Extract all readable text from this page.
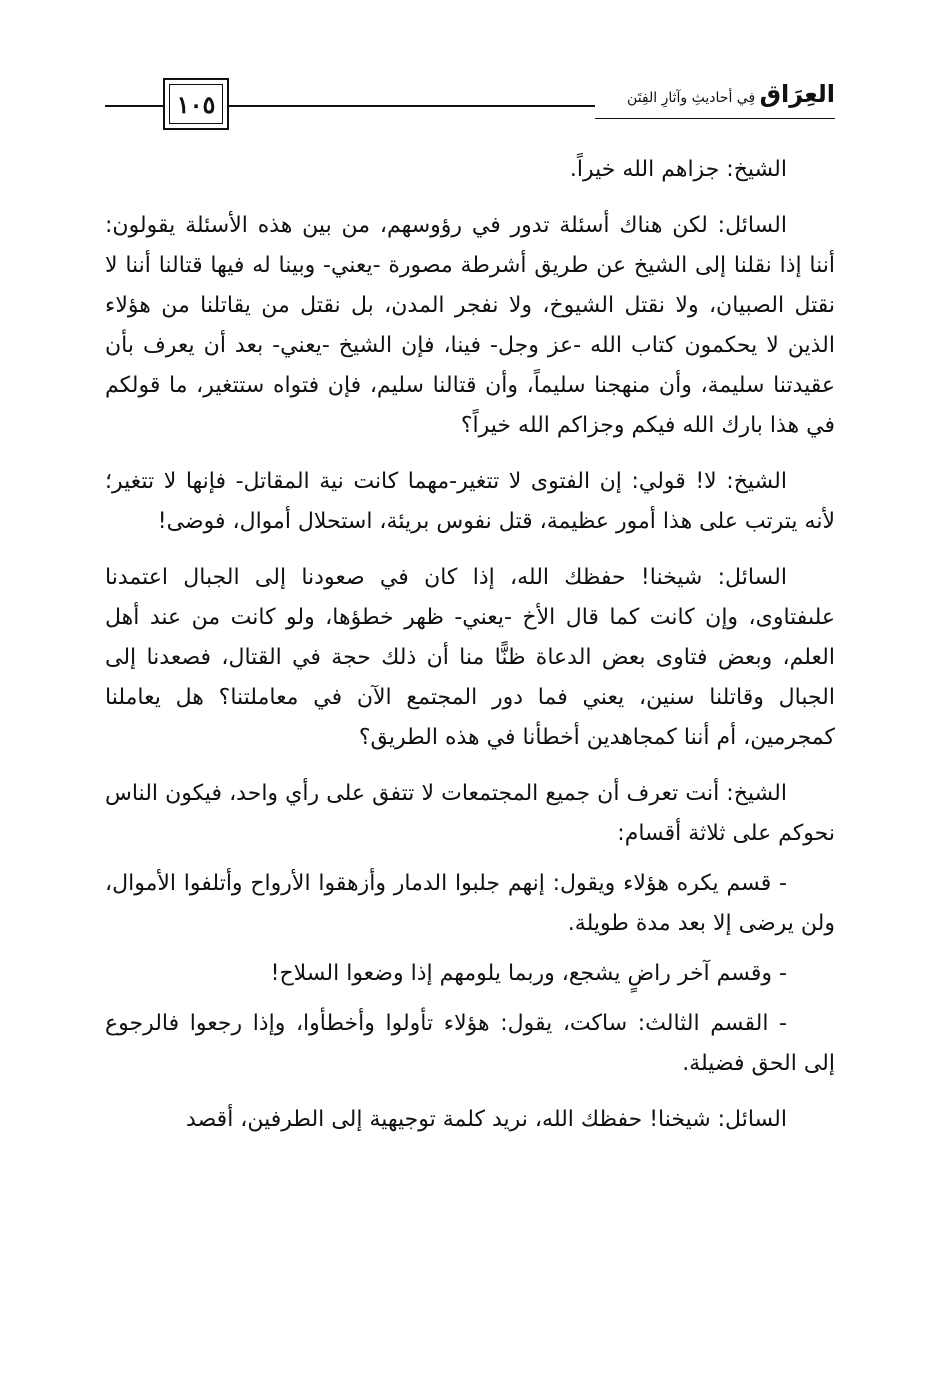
١٠٥	العِرَاق فِي أحاديثِ وآثارِ الفِتَن

الشيخ: جزاهم الله خيراً.

السائل: لكن هناك أسئلة تدور في رؤوسهم، من بين هذه الأسئلة يقولون: أننا إذا نقلنا إلى الشيخ عن طريق أشرطة مصورة -يعني- وبينا له فيها قتالنا أننا لا نقتل الصبيان، ولا نقتل الشيوخ، ولا نفجر المدن، بل نقتل من يقاتلنا من هؤلاء الذين لا يحكمون كتاب الله -عز وجل- فينا، فإن الشيخ -يعني- بعد أن يعرف بأن عقيدتنا سليمة، وأن منهجنا سليماً، وأن قتالنا سليم، فإن فتواه ستتغير، ما قولكم في هذا بارك الله فيكم وجزاكم الله خيراً؟

الشيخ: لا! قولي: إن الفتوى لا تتغير-مهما كانت نية المقاتل- فإنها لا تتغير؛ لأنه يترتب على هذا أمور عظيمة، قتل نفوس بريئة، استحلال أموال، فوضى!

السائل: شيخنا! حفظك الله، إذا كان في صعودنا إلى الجبال اعتمدنا علىفتاوى، وإن كانت كما قال الأخ -يعني- ظهر خطؤها، ولو كانت من عند أهل العلم، وبعض فتاوى بعض الدعاة ظنًّا منا أن ذلك حجة في القتال، فصعدنا إلى الجبال وقاتلنا سنين، يعني فما دور المجتمع الآن في معاملتنا؟ هل يعاملنا كمجرمين، أم أننا كمجاهدين أخطأنا في هذه الطريق؟

الشيخ: أنت تعرف أن جميع المجتمعات لا تتفق على رأي واحد، فيكون الناس نحوكم على ثلاثة أقسام:

- قسم يكره هؤلاء ويقول: إنهم جلبوا الدمار وأزهقوا الأرواح وأتلفوا الأموال، ولن يرضى إلا بعد مدة طويلة.

- وقسم آخر راضٍ يشجع، وربما يلومهم إذا وضعوا السلاح!

- القسم الثالث: ساكت، يقول: هؤلاء تأولوا وأخطأوا، وإذا رجعوا فالرجوع إلى الحق فضيلة.

السائل: شيخنا! حفظك الله، نريد كلمة توجيهية إلى الطرفين، أقصد
